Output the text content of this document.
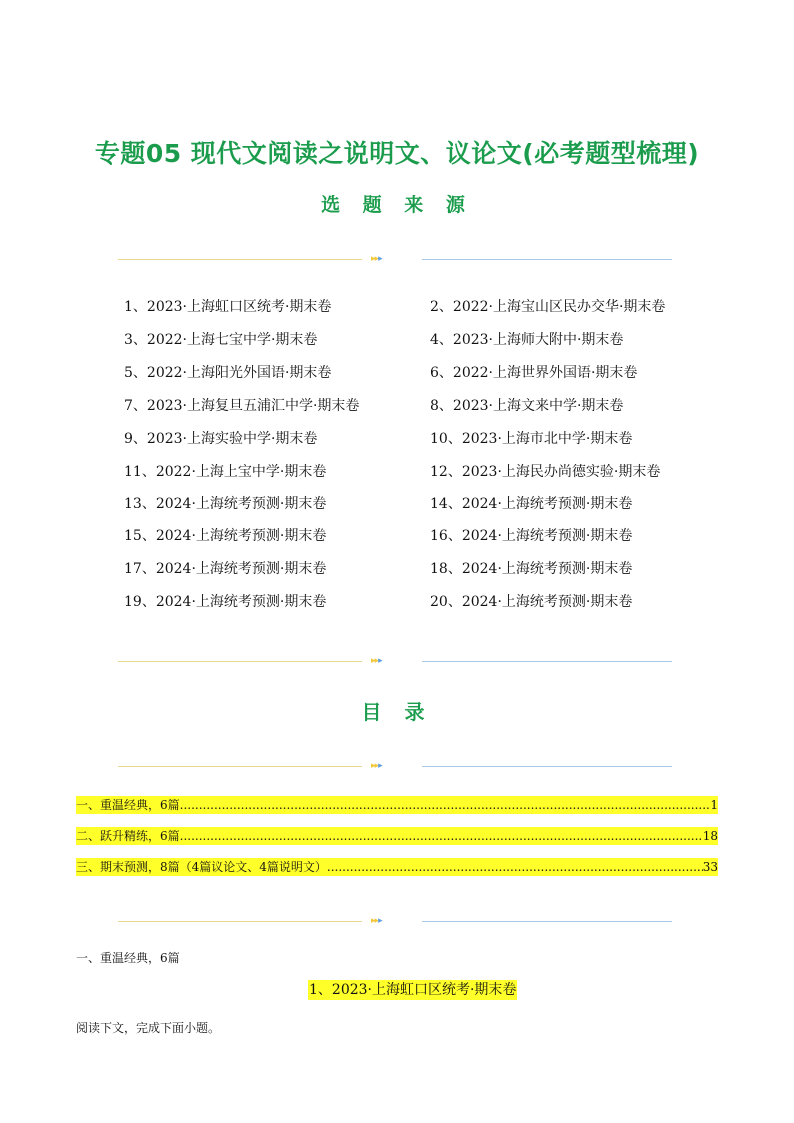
专题05 现代文阅读之说明文、议论文(必考题型梳理)
选 题 来 源
▸▸▸
1、2023·上海虹口区统考·期末卷	2、2022·上海宝山区民办交华·期末卷
3、2022·上海七宝中学·期末卷	4、2023·上海师大附中·期末卷
5、2022·上海阳光外国语·期末卷	6、2022·上海世界外国语·期末卷
7、2023·上海复旦五浦汇中学·期末卷	8、2023·上海文来中学·期末卷
9、2023·上海实验中学·期末卷	10、2023·上海市北中学·期末卷
11、2022·上海上宝中学·期末卷	12、2023·上海民办尚德实验·期末卷
13、2024·上海统考预测·期末卷	14、2024·上海统考预测·期末卷
15、2024·上海统考预测·期末卷	16、2024·上海统考预测·期末卷
17、2024·上海统考预测·期末卷	18、2024·上海统考预测·期末卷
19、2024·上海统考预测·期末卷	20、2024·上海统考预测·期末卷
▸▸▸
目 录
▸▸▸
一、重温经典，6篇 .....	1
二、跃升精练，6篇 .....	18
三、期末预测，8篇（4篇议论文、4篇说明文） .....	33
▸▸▸
一、重温经典，6篇
1、2023·上海虹口区统考·期末卷
阅读下文，完成下面小题。
